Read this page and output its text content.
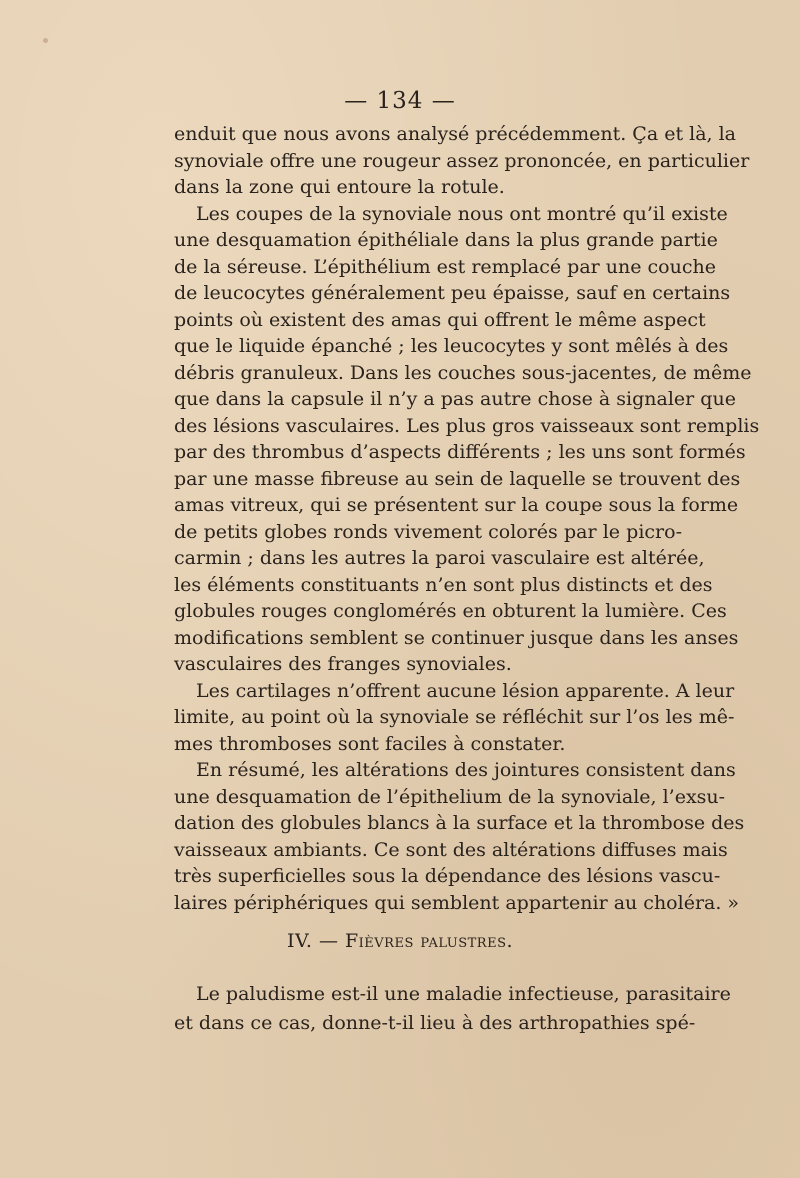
— 134 —
enduit que nous avons analysé précédemment. Ça et là, la
synoviale offre une rougeur assez prononcée, en particulier
dans la zone qui entoure la rotule.
Les coupes de la synoviale nous ont montré qu’il existe
une desquamation épithéliale dans la plus grande partie
de la séreuse. L’épithélium est remplacé par une couche
de leucocytes généralement peu épaisse, sauf en certains
points où existent des amas qui offrent le même aspect
que le liquide épanché ; les leucocytes y sont mêlés à des
débris granuleux. Dans les couches sous-jacentes, de même
que dans la capsule il n’y a pas autre chose à signaler que
des lésions vasculaires. Les plus gros vaisseaux sont remplis
par des thrombus d’aspects différents ; les uns sont formés
par une masse fibreuse au sein de laquelle se trouvent des
amas vitreux, qui se présentent sur la coupe sous la forme
de petits globes ronds vivement colorés par le picro-
carmin ; dans les autres la paroi vasculaire est altérée,
les éléments constituants n’en sont plus distincts et des
globules rouges conglomérés en obturent la lumière. Ces
modifications semblent se continuer jusque dans les anses
vasculaires des franges synoviales.
Les cartilages n’offrent aucune lésion apparente. A leur
limite, au point où la synoviale se réfléchit sur l’os les mê-
mes thromboses sont faciles à constater.
En résumé, les altérations des jointures consistent dans
une desquamation de l’épithelium de la synoviale, l’exsu-
dation des globules blancs à la surface et la thrombose des
vaisseaux ambiants. Ce sont des altérations diffuses mais
très superficielles sous la dépendance des lésions vascu-
laires périphériques qui semblent appartenir au choléra. »
IV. — Fièvres palustres.
Le paludisme est-il une maladie infectieuse, parasitaire
et dans ce cas, donne-t-il lieu à des arthropathies spé-
